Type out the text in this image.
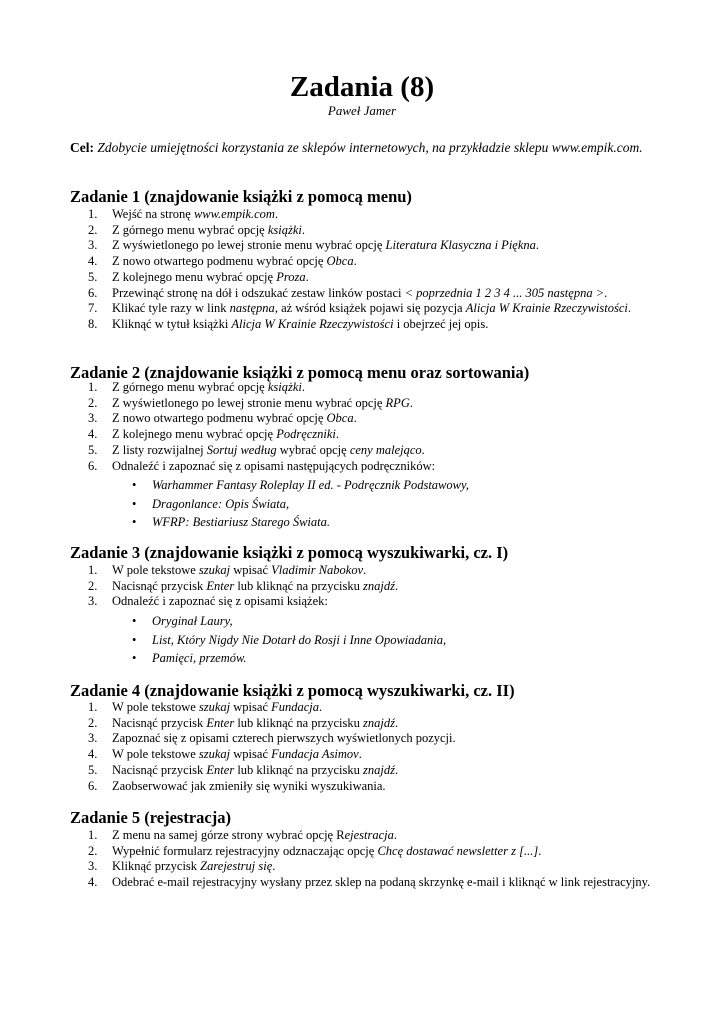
Zadania (8)
Paweł Jamer
Cel: Zdobycie umiejętności korzystania ze sklepów internetowych, na przykładzie sklepu www.empik.com.
Zadanie 1 (znajdowanie książki z pomocą menu)
1. Wejść na stronę www.empik.com.
2. Z górnego menu wybrać opcję książki.
3. Z wyświetlonego po lewej stronie menu wybrać opcję Literatura Klasyczna i Piękna.
4. Z nowo otwartego podmenu wybrać opcję Obca.
5. Z kolejnego menu wybrać opcję Proza.
6. Przewinąć stronę na dół i odszukać zestaw linków postaci < poprzednia 1 2 3 4 ... 305 następna >.
7. Klikać tyle razy w link następna, aż wśród książek pojawi się pozycja Alicja W Krainie Rzeczywistości.
8. Kliknąć w tytuł książki Alicja W Krainie Rzeczywistości i obejrzeć jej opis.
Zadanie 2 (znajdowanie książki z pomocą menu oraz sortowania)
1. Z górnego menu wybrać opcję książki.
2. Z wyświetlonego po lewej stronie menu wybrać opcję RPG.
3. Z nowo otwartego podmenu wybrać opcję Obca.
4. Z kolejnego menu wybrać opcję Podręczniki.
5. Z listy rozwijalnej Sortuj według wybrać opcję ceny malejąco.
6. Odnaleźć i zapoznać się z opisami następujących podręczników:
• Warhammer Fantasy Roleplay II ed. - Podręcznik Podstawowy,
• Dragonlance: Opis Świata,
• WFRP: Bestiariusz Starego Świata.
Zadanie 3 (znajdowanie książki z pomocą wyszukiwarki, cz. I)
1. W pole tekstowe szukaj wpisać Vladimir Nabokov.
2. Nacisnąć przycisk Enter lub kliknąć na przycisku znajdź.
3. Odnaleźć i zapoznać się z opisami książek:
• Oryginał Laury,
• List, Który Nigdy Nie Dotarł do Rosji i Inne Opowiadania,
• Pamięci, przemów.
Zadanie 4 (znajdowanie książki z pomocą wyszukiwarki, cz. II)
1. W pole tekstowe szukaj wpisać Fundacja.
2. Nacisnąć przycisk Enter lub kliknąć na przycisku znajdź.
3. Zapoznać się z opisami czterech pierwszych wyświetlonych pozycji.
4. W pole tekstowe szukaj wpisać Fundacja Asimov.
5. Nacisnąć przycisk Enter lub kliknąć na przycisku znajdź.
6. Zaobserwować jak zmieniły się wyniki wyszukiwania.
Zadanie 5 (rejestracja)
1. Z menu na samej górze strony wybrać opcję Rejestracja.
2. Wypełnić formularz rejestracyjny odznaczając opcję Chcę dostawać newsletter z [...].
3. Kliknąć przycisk Zarejestruj się.
4. Odebrać e-mail rejestracyjny wysłany przez sklep na podaną skrzynkę e-mail i kliknąć w link rejestracyjny.
